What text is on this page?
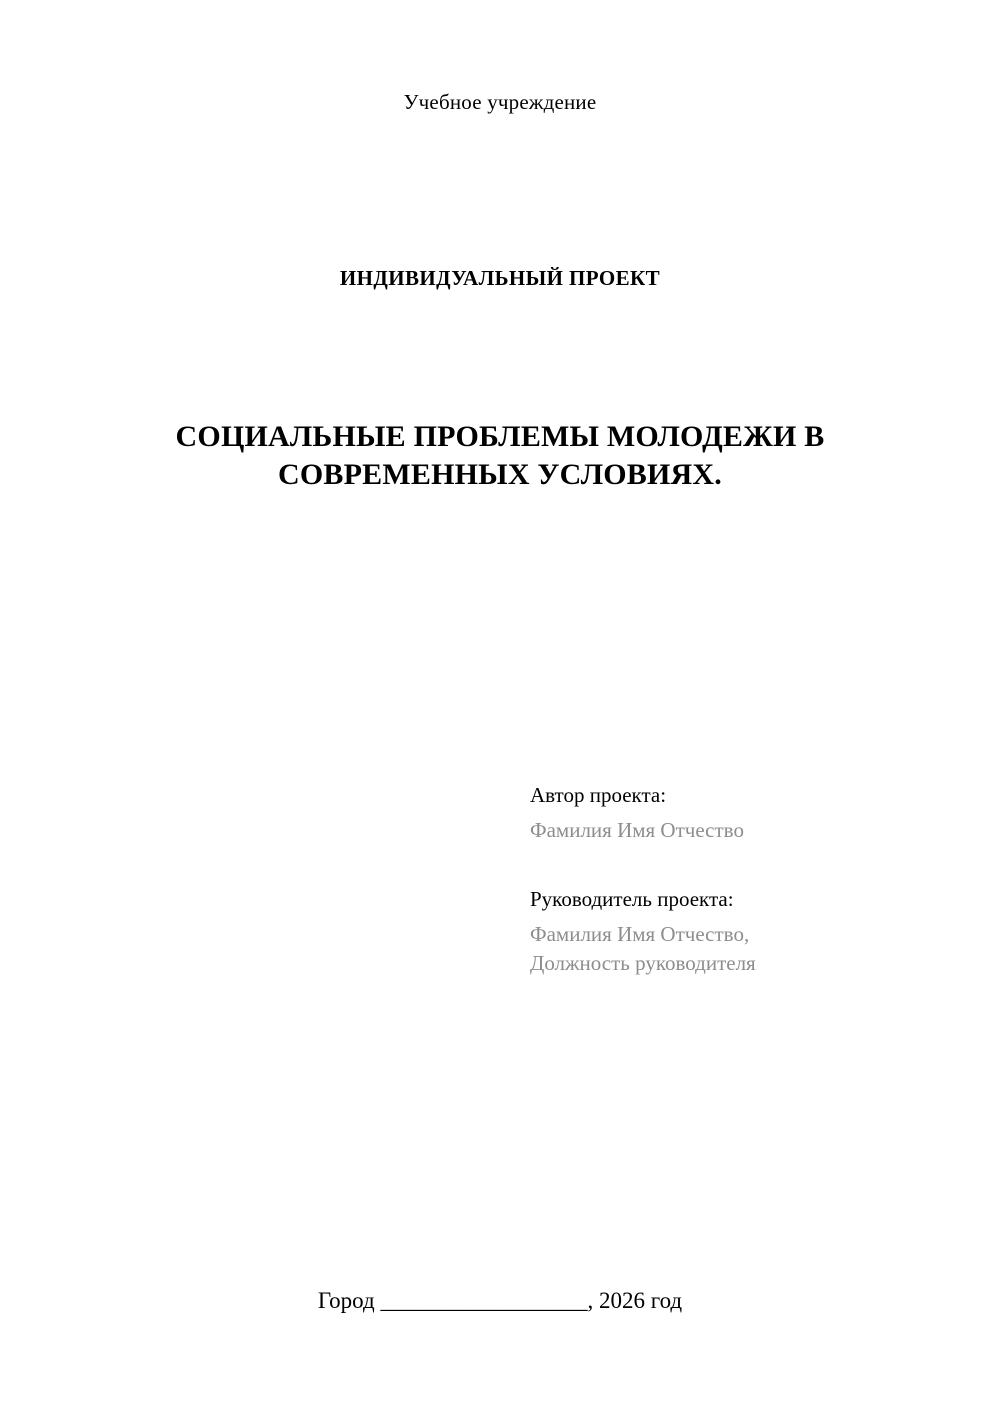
Учебное учреждение
ИНДИВИДУАЛЬНЫЙ ПРОЕКТ
СОЦИАЛЬНЫЕ ПРОБЛЕМЫ МОЛОДЕЖИ В СОВРЕМЕННЫХ УСЛОВИЯХ.

Автор проекта:

Фамилия Имя Отчество

Руководитель проекта:

Фамилия Имя Отчество,

Должность руководителя

Город __________________, 2026 год
